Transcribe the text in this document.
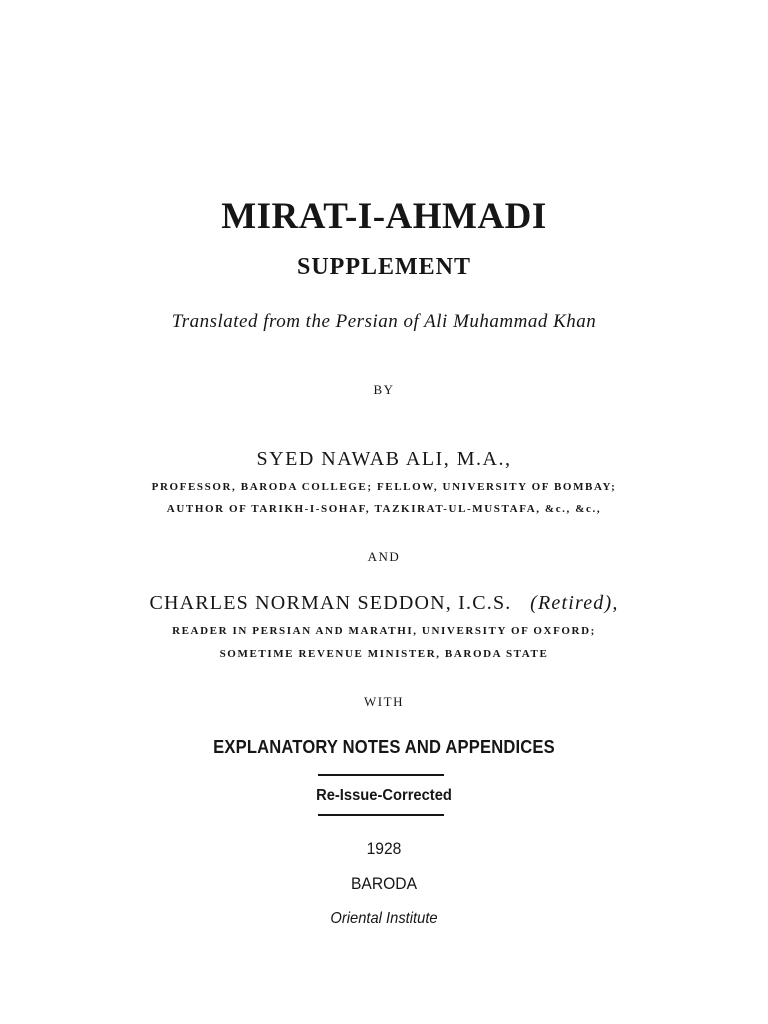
MIRAT-I-AHMADI
SUPPLEMENT
Translated from the Persian of Ali Muhammad Khan
BY
SYED NAWAB ALI, M.A.,
PROFESSOR, BARODA COLLEGE; FELLOW, UNIVERSITY OF BOMBAY;
AUTHOR OF TARIKH-I-SOHAF, TAZKIRAT-UL-MUSTAFA, &c., &c.,
AND
CHARLES NORMAN SEDDON, I.C.S. (Retired),
READER IN PERSIAN AND MARATHI, UNIVERSITY OF OXFORD;
SOMETIME REVENUE MINISTER, BARODA STATE
WITH
EXPLANATORY NOTES AND APPENDICES
Re-Issue-Corrected
1928
BARODA
Oriental Institute
